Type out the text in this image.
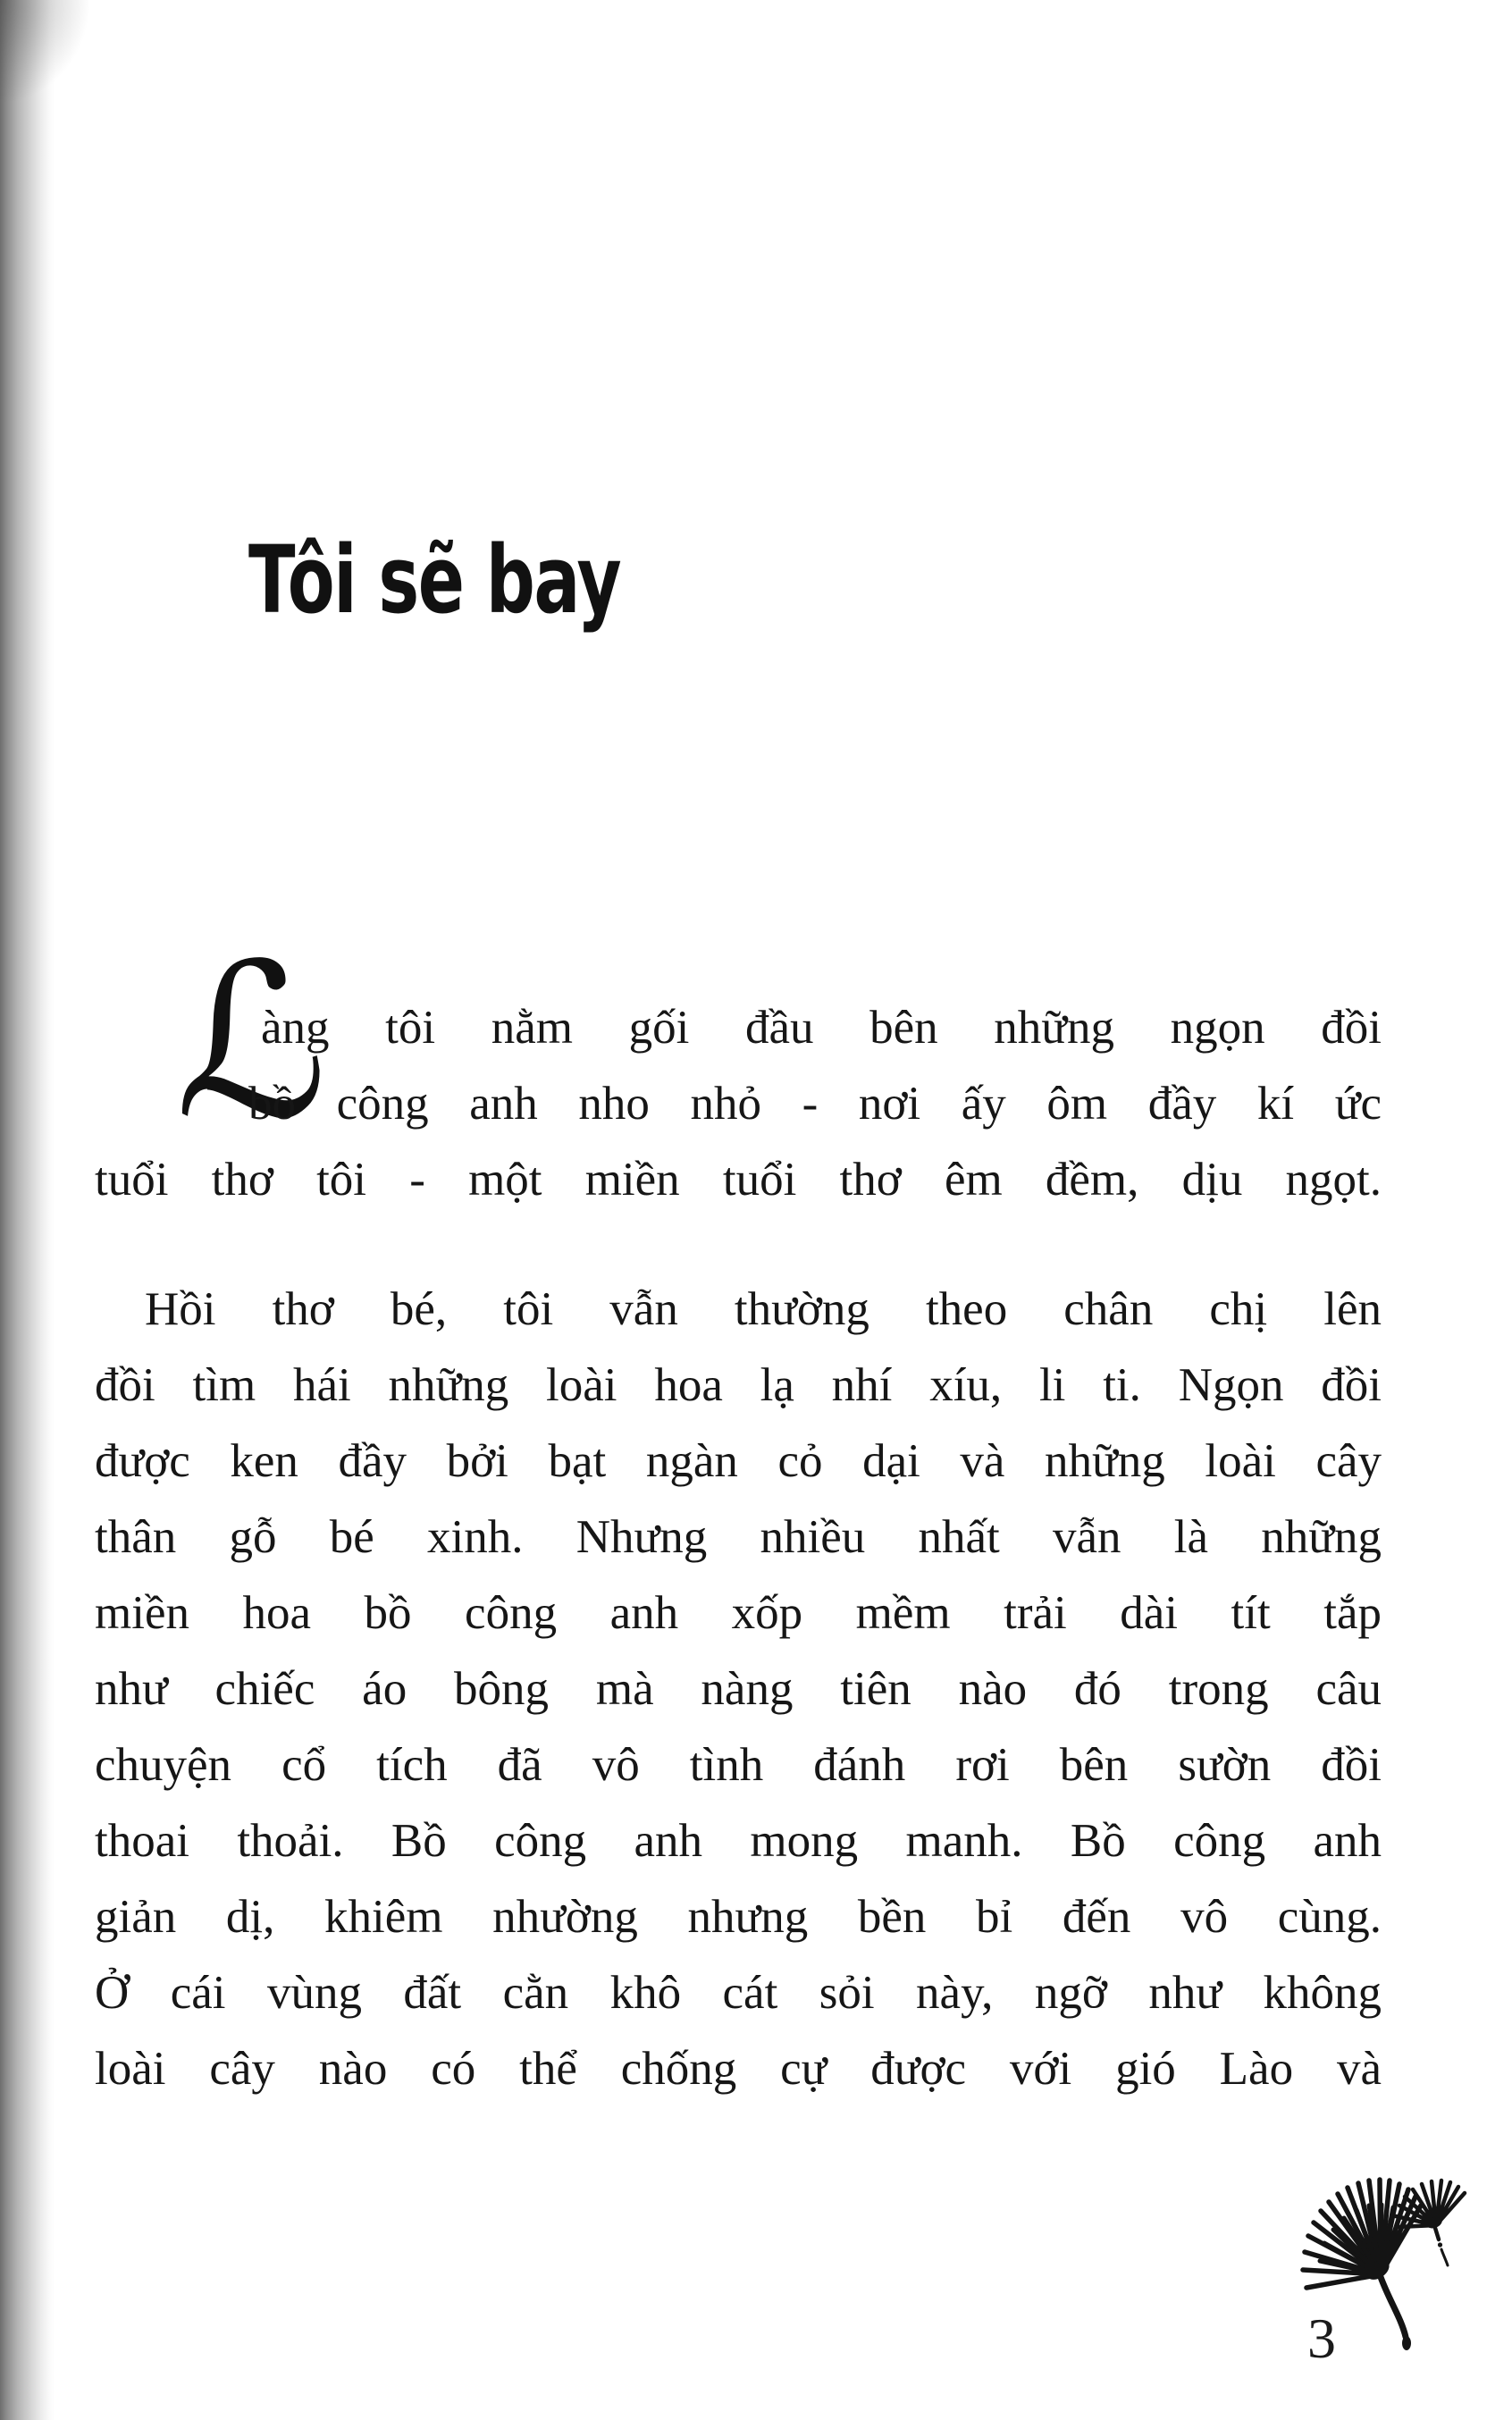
Tôi sẽ bay
ℒ
àng tôi nằm gối đầu bên những ngọn đồi
bồ công anh nho nhỏ - nơi ấy ôm đầy kí ức
tuổi thơ tôi - một miền tuổi thơ êm đềm, dịu ngọt.
Hồi thơ bé, tôi vẫn thường theo chân chị lên
đồi tìm hái những loài hoa lạ nhí xíu, li ti. Ngọn đồi
được ken đầy bởi bạt ngàn cỏ dại và những loài cây
thân gỗ bé xinh. Nhưng nhiều nhất vẫn là những
miền hoa bồ công anh xốp mềm trải dài tít tắp
như chiếc áo bông mà nàng tiên nào đó trong câu
chuyện cổ tích đã vô tình đánh rơi bên sườn đồi
thoai thoải. Bồ công anh mong manh. Bồ công anh
giản dị, khiêm nhường nhưng bền bỉ đến vô cùng.
Ở cái vùng đất cằn khô cát sỏi này, ngỡ như không
loài cây nào có thể chống cự được với gió Lào và
3
